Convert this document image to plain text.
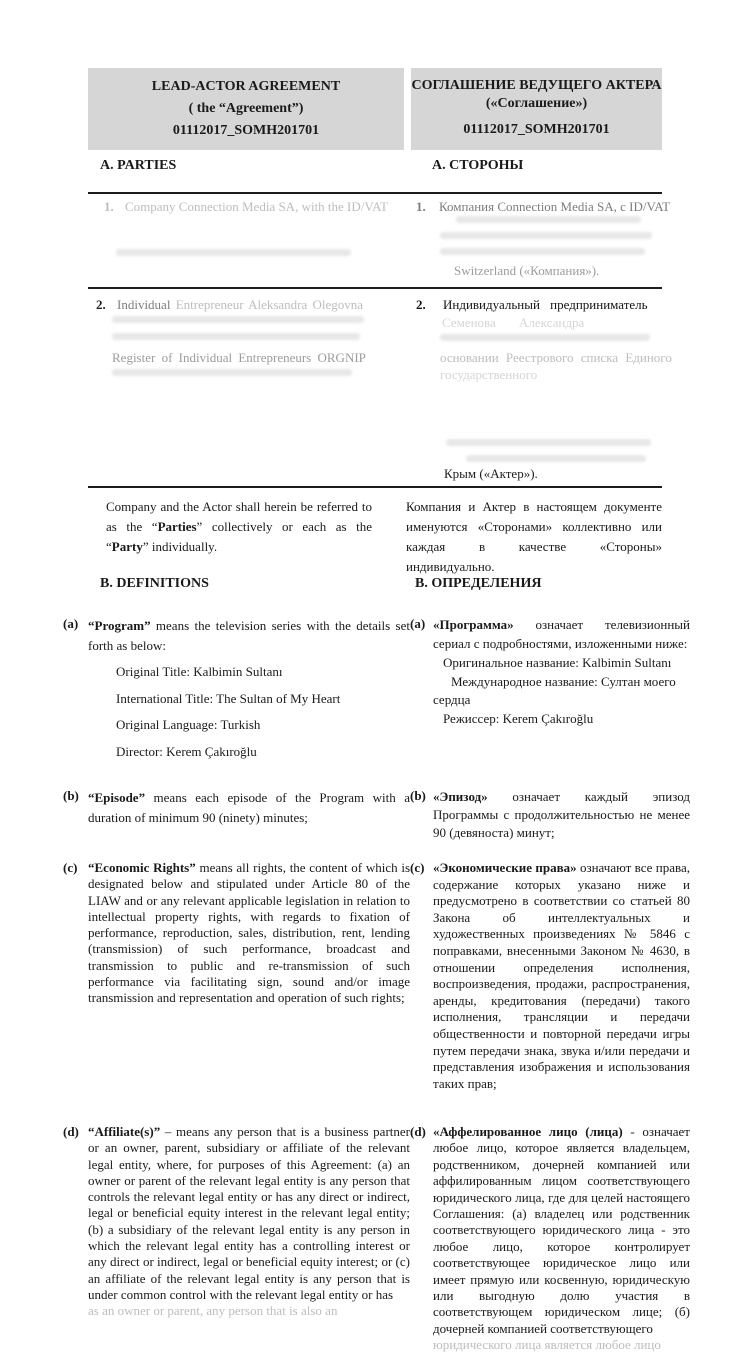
LEAD-ACTOR AGREEMENT
( the “Agreement”)
01112017_SOMH201701
СОГЛАШЕНИЕ ВЕДУЩЕГО АКТЕРА
(«Соглашение»)
01112017_SOMH201701
A. PARTIES	А. СТОРОНЫ
1. Company Connection Media SA, with the ID/VAT	1. Компания Connection Media SA, с ID/VAT
Switzerland («Компания»).
2. Individual Entrepreneur Aleksandra Olegovna
Register of Individual Entrepreneurs ORGNIP
2. Индивидуальный предприниматель
Семенова Александра
основании Реестрового списка Единого
государственного
Крым («Актер»).
Company and the Actor shall herein be referred to as the “Parties” collectively or each as the “Party” individually.
Компания и Актер в настоящем документе именуются «Сторонами» коллективно или каждая в качестве «Стороны» индивидуально.
B. DEFINITIONS	В. ОПРЕДЕЛЕНИЯ
(a) “Program” means the television series with the details set forth as below:
Original Title: Kalbimin Sultanı
International Title: The Sultan of My Heart
Original Language: Turkish
Director: Kerem Çakıroğlu
(a) «Программа» означает телевизионный сериал с подробностями, изложенными ниже:
Оригинальное название: Kalbimin Sultanı
Международное название: Султан моего сердца
Режиссер: Kerem Çakıroğlu
(b) “Episode” means each episode of the Program with a duration of minimum 90 (ninety) minutes;
(b) «Эпизод» означает каждый эпизод Программы с продолжительностью не менее 90 (девяноста) минут;
(c) “Economic Rights” means all rights, the content of which is designated below and stipulated under Article 80 of the LIAW and or any relevant applicable legislation in relation to intellectual property rights, with regards to fixation of performance, reproduction, sales, distribution, rent, lending (transmission) of such performance, broadcast and transmission to public and re-transmission of such performance via facilitating sign, sound and/or image transmission and representation and operation of such rights;
(c) «Экономические права» означают все права, содержание которых указано ниже и предусмотрено в соответствии со статьей 80 Закона об интеллектуальных и художественных произведениях № 5846 с поправками, внесенными Законом № 4630, в отношении определения исполнения, воспроизведения, продажи, распространения, аренды, кредитования (передачи) такого исполнения, трансляции и передачи общественности и повторной передачи игры путем передачи знака, звука и/или передачи и представления изображения и использования таких прав;
(d) “Affiliate(s)” – means any person that is a business partner or an owner, parent, subsidiary or affiliate of the relevant legal entity, where, for purposes of this Agreement: (a) an owner or parent of the relevant legal entity is any person that controls the relevant legal entity or has any direct or indirect, legal or beneficial equity interest in the relevant legal entity; (b) a subsidiary of the relevant legal entity is any person in which the relevant legal entity has a controlling interest or any direct or indirect, legal or beneficial equity interest; or (c) an affiliate of the relevant legal entity is any person that is under common control with the relevant legal entity or has
as an owner or parent, any person that is also an
(d) «Аффелированное лицо (лица) - означает любое лицо, которое является владельцем, родственником, дочерней компанией или аффилированным лицом соответствующего юридического лица, где для целей настоящего Соглашения: (а) владелец или родственник соответствующего юридического лица - это любое лицо, которое контролирует соответствующее юридическое лицо или имеет прямую или косвенную, юридическую или выгодную долю участия в соответствующем юридическом лице; (б) дочерней компанией соответствующего
юридического лица является любое лицо
